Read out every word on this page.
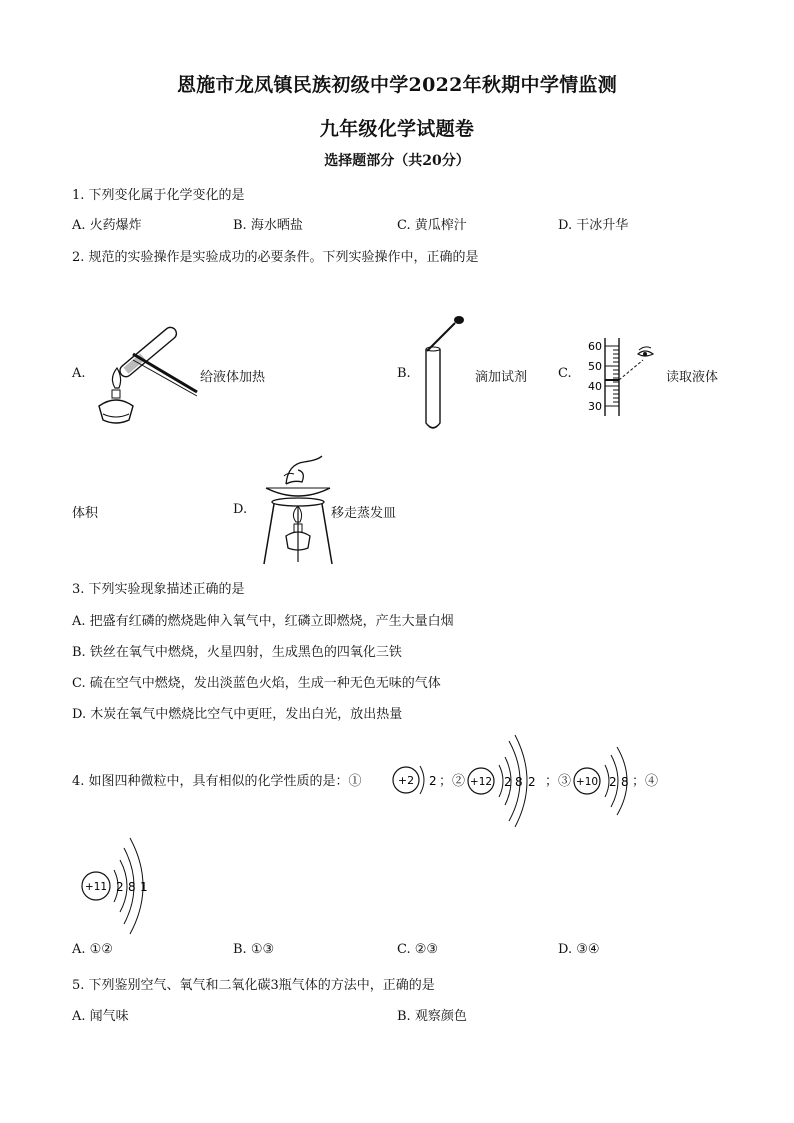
恩施市龙凤镇民族初级中学2022年秋期中学情监测
九年级化学试题卷
选择题部分（共20分）
1. 下列变化属于化学变化的是
A. 火药爆炸	B. 海水晒盐	C. 黄瓜榨汁	D. 干冰升华
2. 规范的实验操作是实验成功的必要条件。下列实验操作中，正确的是
A.	给液体加热	B.	滴加试剂 C.
60
50
40
30
读取液体
体积	D.	移走蒸发皿
3. 下列实验现象描述正确的是
A. 把盛有红磷的燃烧匙伸入氧气中，红磷立即燃烧，产生大量白烟
B. 铁丝在氧气中燃烧，火星四射，生成黑色的四氧化三铁
C. 硫在空气中燃烧，发出淡蓝色火焰，生成一种无色无味的气体
D. 木炭在氧气中燃烧比空气中更旺，发出白光，放出热量
4. 如图四种微粒中，具有相似的化学性质的是：①	+2 2 ；② +12 2 8 2 ；③ +10 2 8 ；④
+11 2 8 1
A. ①②	B. ①③	C. ②③	D. ③④
5. 下列鉴别空气、氧气和二氧化碳3瓶气体的方法中，正确的是
A. 闻气味	B. 观察颜色
